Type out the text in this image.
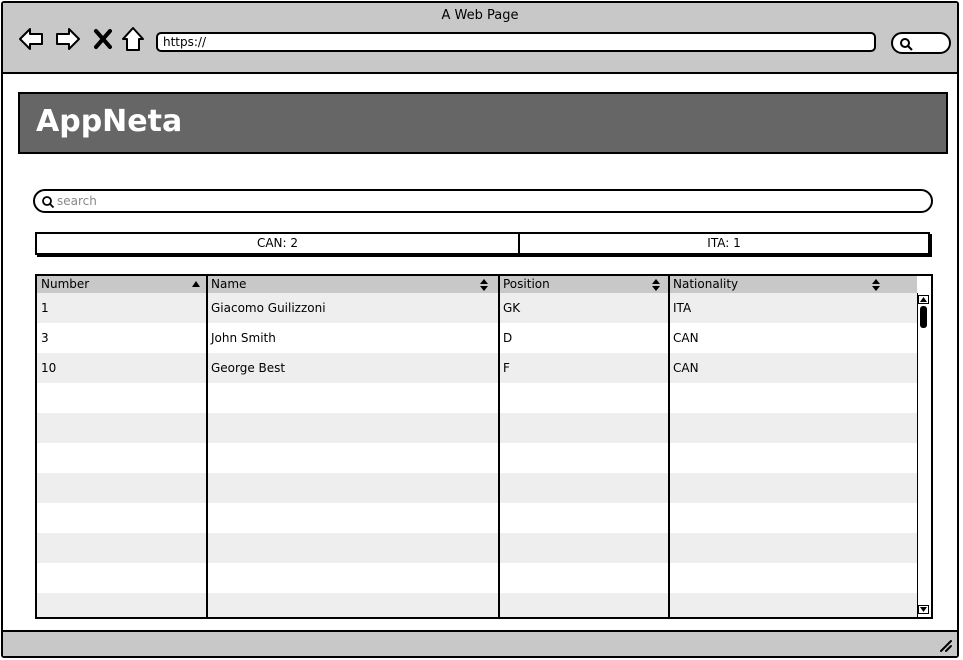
A Web Page
https://
AppNeta
search
CAN: 2	ITA: 1
Number	Name	Position	Nationality
1	Giacomo Guilizzoni	GK	ITA
3	John Smith	D	CAN
10	George Best	F	CAN
